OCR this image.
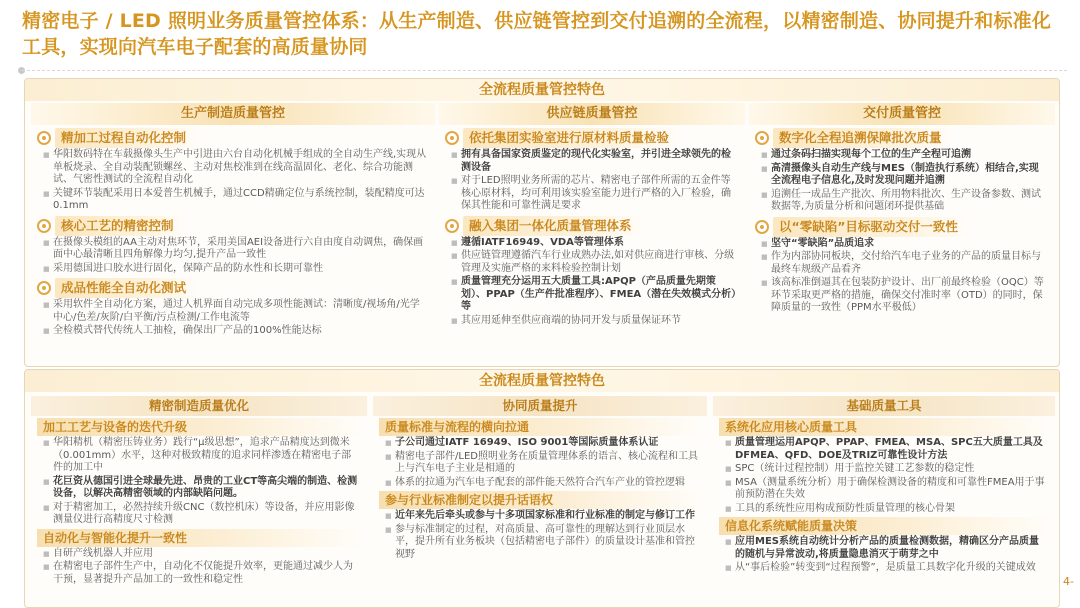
精密电子 / LED 照明业务质量管控体系：从生产制造、供应链管控到交付追溯的全流程，以精密制造、协同提升和标准化工具，实现向汽车电子配套的高质量协同
全流程质量管控特色
生产制造质量管控
精加工过程自动化控制
■ 华阳数码特在车载摄像头生产中引进由六台自动化机械手组成的全自动生产线,实现从单板烧录、全自动装配锁螺丝、主动对焦校准到在线高温固化、老化、综合功能测试、气密性测试的全流程自动化
■ 关键环节装配采用日本爱普生机械手，通过CCD精确定位与系统控制，装配精度可达0.1mm
核心工艺的精密控制
■ 在摄像头模组的AA主动对焦环节，采用美国AEI设备进行六自由度自动调焦，确保画面中心最清晰且四角解像力均匀,提升产品一致性
■ 采用德国进口胶水进行固化，保障产品的防水性和长期可靠性
成品性能全自动化测试
■ 采用软件全自动化方案，通过人机界面自动完成多项性能测试：清晰度/视场角/光学中心/色差/灰阶/白平衡/污点检测/工作电流等
■ 全检模式替代传统人工抽检，确保出厂产品的100%性能达标
供应链质量管控
依托集团实验室进行原材料质量检验
■ 拥有具备国家资质鉴定的现代化实验室，并引进全球领先的检测设备
■ 对于LED照明业务所需的芯片、精密电子部件所需的五金件等核心原材料，均可利用该实验室能力进行严格的入厂检验，确保其性能和可靠性满足要求
融入集团一体化质量管理体系
■ 遵循IATF16949、VDA等管理体系
■ 供应链管理遵循汽车行业成熟办法,如对供应商进行审核、分级管理及实施严格的来料检验控制计划
■ 质量管理充分运用五大质量工具:APQP（产品质量先期策划）、PPAP（生产件批准程序）、FMEA（潜在失效模式分析）等
■ 其应用延伸至供应商端的协同开发与质量保证环节
交付质量管控
数字化全程追溯保障批次质量
■ 通过条码扫描实现每个工位的生产全程可追溯
■ 高清摄像头自动生产线与MES（制造执行系统）相结合,实现全流程电子信息化,及时发现问题并追溯
■ 追溯任一成品生产批次、所用物料批次、生产设备参数、测试数据等,为质量分析和问题闭环提供基础
以“零缺陷”目标驱动交付一致性
■ 坚守“零缺陷”品质追求
■ 作为内部协同板块，交付给汽车电子业务的产品的质量目标与最终车规级产品看齐
■ 该高标准倒逼其在包装防护设计、出厂前最终检验（OQC）等环节采取更严格的措施，确保交付准时率（OTD）的同时，保障质量的一致性（PPM水平极低）
全流程质量管控特色
精密制造质量优化
加工工艺与设备的迭代升级
■ 华阳精机（精密压铸业务）践行“μ级思想”，追求产品精度达到微米（0.001mm）水平，这种对极致精度的追求同样渗透在精密电子部件的加工中
■ 花巨资从德国引进全球最先进、昂贵的工业CT等高尖端的制造、检测设备，以解决高精密领域的内部缺陷问题。
■ 对于精密加工，必然持续升级CNC（数控机床）等设备，并应用影像测量仪进行高精度尺寸检测
自动化与智能化提升一致性
■ 自研产线机器人并应用
■ 在精密电子部件生产中，自动化不仅能提升效率，更能通过减少人为干预，显著提升产品加工的一致性和稳定性
协同质量提升
质量标准与流程的横向拉通
■ 子公司通过IATF 16949、ISO 9001等国际质量体系认证
■ 精密电子部件/LED照明业务在质量管理体系的语言、核心流程和工具上与汽车电子主业是相通的
■ 体系的拉通为汽车电子配套的部件能天然符合汽车产业的管控逻辑
参与行业标准制定以提升话语权
■ 近年来先后牵头或参与十多项国家标准和行业标准的制定与修订工作
■ 参与标准制定的过程，对高质量、高可靠性的理解达到行业顶层水平，提升所有业务板块（包括精密电子部件）的质量设计基准和管控视野
基础质量工具
系统化应用核心质量工具
■ 质量管理运用APQP、PPAP、FMEA、MSA、SPC五大质量工具及DFMEA、QFD、DOE及TRIZ可靠性设计方法
■ SPC（统计过程控制）用于监控关键工艺参数的稳定性
■ MSA（测量系统分析）用于确保检测设备的精度和可靠性FMEA用于事前预防潜在失效
■ 工具的系统性应用构成预防性质量管理的核心骨架
信息化系统赋能质量决策
■ 应用MES系统自动统计分析产品的质量检测数据，精确区分产品质量的随机与异常波动,将质量隐患消灭于萌芽之中
■ 从“事后检验”转变到“过程预警”，是质量工具数字化升级的关键成效
4-
